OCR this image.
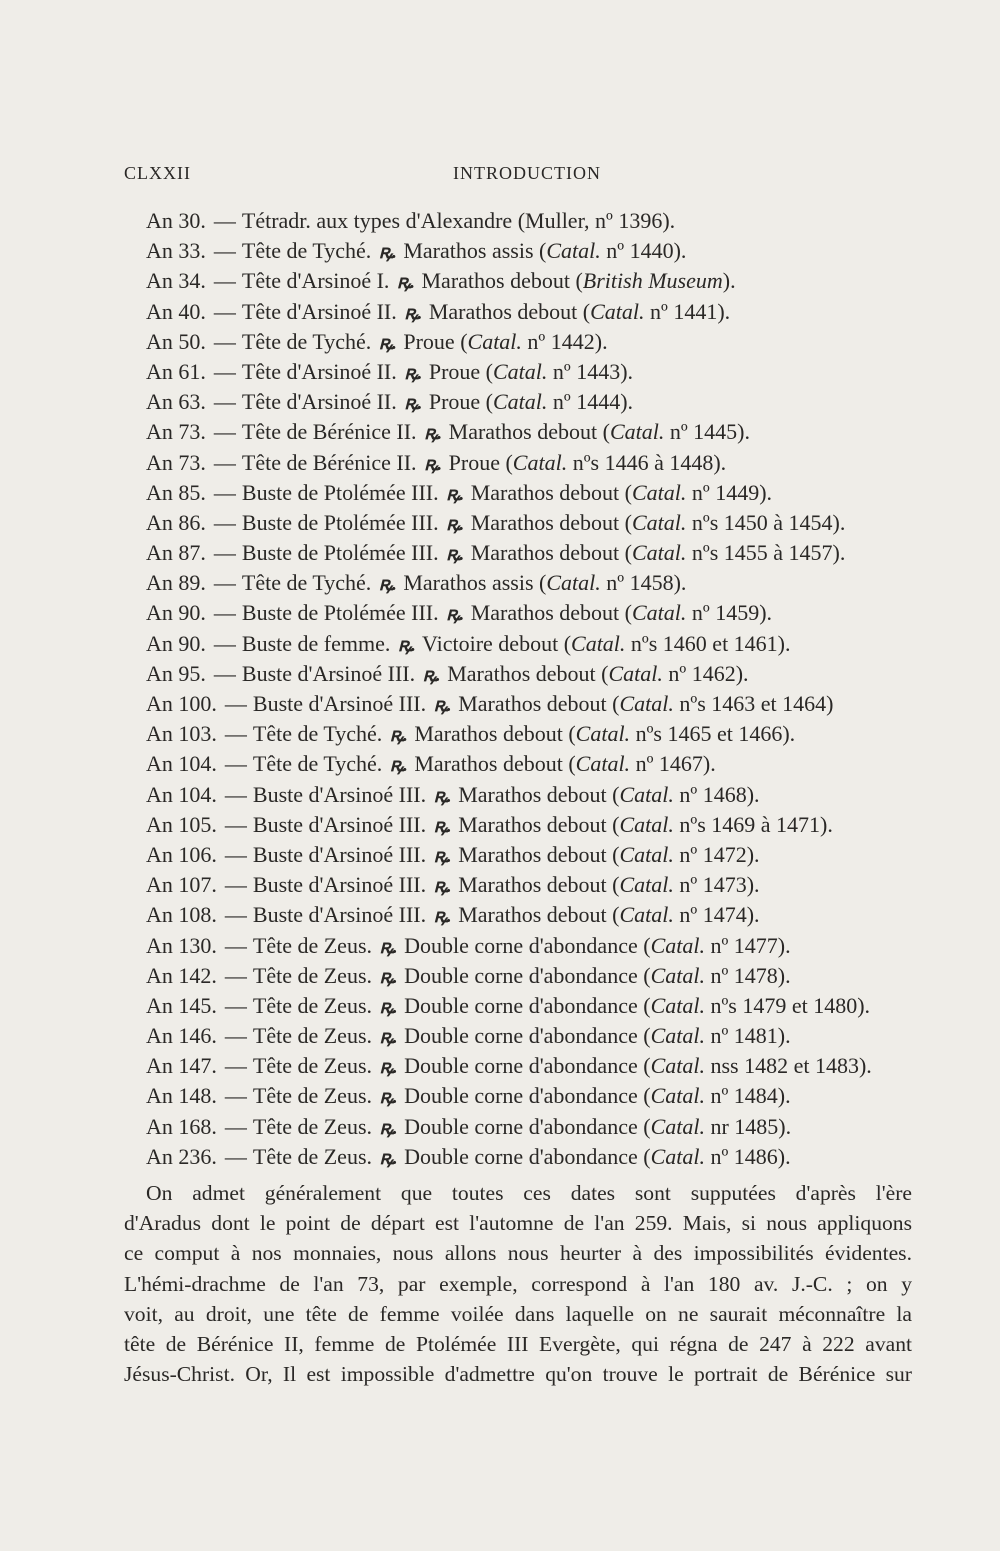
CLXXII	INTRODUCTION
An 30. — Tétradr. aux types d'Alexandre (Muller, nº 1396).
An 33. — Tête de Tyché. ꝶ. Marathos assis (Catal. nº 1440).
An 34. — Tête d'Arsinoé I. ꝶ. Marathos debout (British Museum).
An 40. — Tête d'Arsinoé II. ꝶ. Marathos debout (Catal. nº 1441).
An 50. — Tête de Tyché. ꝶ. Proue (Catal. nº 1442).
An 61. — Tête d'Arsinoé II. ꝶ. Proue (Catal. nº 1443).
An 63. — Tête d'Arsinoé II. ꝶ. Proue (Catal. nº 1444).
An 73. — Tête de Bérénice II. ꝶ. Marathos debout (Catal. nº 1445).
An 73. — Tête de Bérénice II. ꝶ. Proue (Catal. nºs 1446 à 1448).
An 85. — Buste de Ptolémée III. ꝶ. Marathos debout (Catal. nº 1449).
An 86. — Buste de Ptolémée III. ꝶ. Marathos debout (Catal. nºs 1450 à 1454).
An 87. — Buste de Ptolémée III. ꝶ. Marathos debout (Catal. nºs 1455 à 1457).
An 89. — Tête de Tyché. ꝶ. Marathos assis (Catal. nº 1458).
An 90. — Buste de Ptolémée III. ꝶ. Marathos debout (Catal. nº 1459).
An 90. — Buste de femme. ꝶ. Victoire debout (Catal. nºs 1460 et 1461).
An 95. — Buste d'Arsinoé III. ꝶ. Marathos debout (Catal. nº 1462).
An 100. — Buste d'Arsinoé III. ꝶ. Marathos debout (Catal. nºs 1463 et 1464)
An 103. — Tête de Tyché. ꝶ. Marathos debout (Catal. nºs 1465 et 1466).
An 104. — Tête de Tyché. ꝶ. Marathos debout (Catal. nº 1467).
An 104. — Buste d'Arsinoé III. ꝶ. Marathos debout (Catal. nº 1468).
An 105. — Buste d'Arsinoé III. ꝶ. Marathos debout (Catal. nºs 1469 à 1471).
An 106. — Buste d'Arsinoé III. ꝶ. Marathos debout (Catal. nº 1472).
An 107. — Buste d'Arsinoé III. ꝶ. Marathos debout (Catal. nº 1473).
An 108. — Buste d'Arsinoé III. ꝶ. Marathos debout (Catal. nº 1474).
An 130. — Tête de Zeus. ꝶ. Double corne d'abondance (Catal. nº 1477).
An 142. — Tête de Zeus. ꝶ. Double corne d'abondance (Catal. nº 1478).
An 145. — Tête de Zeus. ꝶ. Double corne d'abondance (Catal. nºs 1479 et 1480).
An 146. — Tête de Zeus. ꝶ. Double corne d'abondance (Catal. nº 1481).
An 147. — Tête de Zeus. ꝶ. Double corne d'abondance (Catal. nss 1482 et 1483).
An 148. — Tête de Zeus. ꝶ. Double corne d'abondance (Catal. nº 1484).
An 168. — Tête de Zeus. ꝶ. Double corne d'abondance (Catal. nr 1485).
An 236. — Tête de Zeus. ꝶ. Double corne d'abondance (Catal. nº 1486).
On admet généralement que toutes ces dates sont supputées d'après l'ère
d'Aradus dont le point de départ est l'automne de l'an 259. Mais, si nous appliquons
ce comput à nos monnaies, nous allons nous heurter à des impossibilités évidentes.
L'hémi-drachme de l'an 73, par exemple, correspond à l'an 180 av. J.-C. ; on y
voit, au droit, une tête de femme voilée dans laquelle on ne saurait méconnaître la
tête de Bérénice II, femme de Ptolémée III Evergète, qui régna de 247 à 222 avant
Jésus-Christ. Or, Il est impossible d'admettre qu'on trouve le portrait de Bérénice sur
